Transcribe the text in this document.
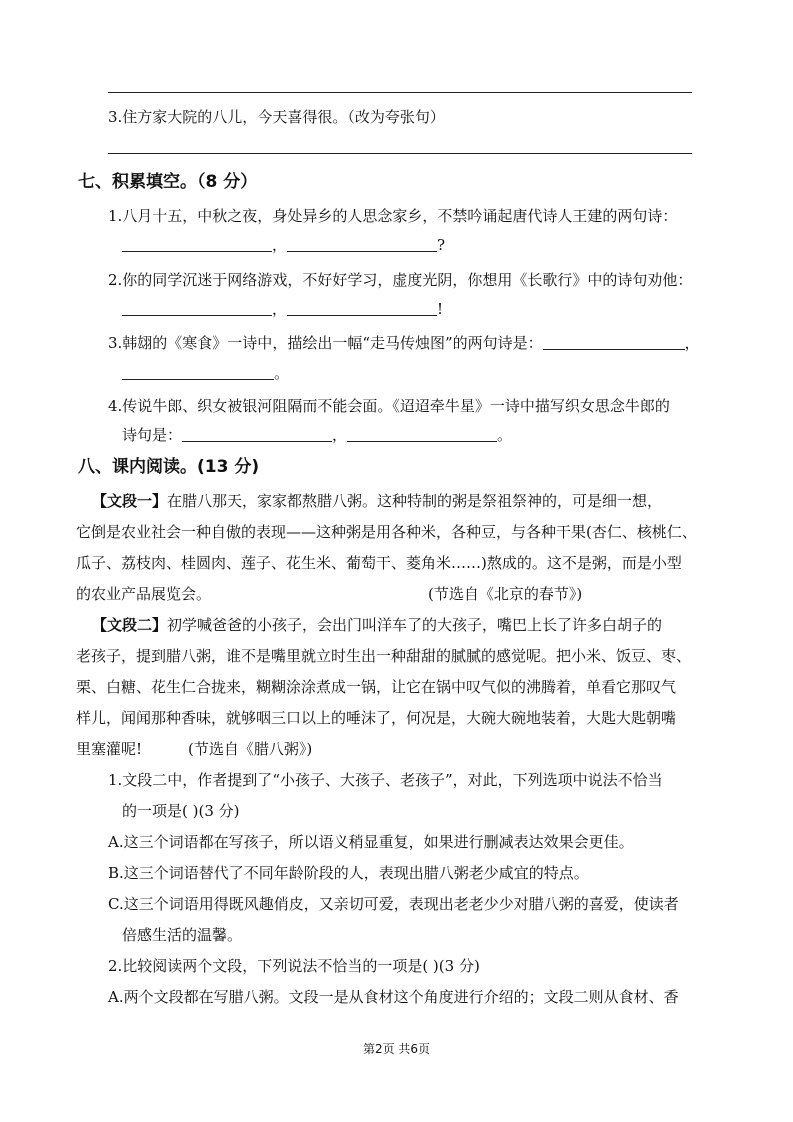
3.住方家大院的八儿，今天喜得很。（改为夸张句）
七、积累填空。（8 分）
1.八月十五，中秋之夜，身处异乡的人思念家乡，不禁吟诵起唐代诗人王建的两句诗：
，	?
2.你的同学沉迷于网络游戏，不好好学习，虚度光阴，你想用《长歌行》中的诗句劝他：
，	!
3.韩翃的《寒食》一诗中，描绘出一幅“走马传烛图”的两句诗是：	，
。
4.传说牛郎、织女被银河阻隔而不能会面。《迢迢牵牛星》一诗中描写织女思念牛郎的
诗句是：	，	。
八、课内阅读。(13 分)
【文段一】在腊八那天，家家都熬腊八粥。这种特制的粥是祭祖祭神的，可是细一想，
它倒是农业社会一种自傲的表现——这种粥是用各种米，各种豆，与各种干果(杏仁、核桃仁、
瓜子、荔枝肉、桂圆肉、莲子、花生米、葡萄干、菱角米……)熬成的。这不是粥，而是小型
的农业产品展览会。	(节选自《北京的春节》)
【文段二】初学喊爸爸的小孩子，会出门叫洋车了的大孩子，嘴巴上长了许多白胡子的
老孩子，提到腊八粥，谁不是嘴里就立时生出一种甜甜的腻腻的感觉呢。把小米、饭豆、枣、
栗、白糖、花生仁合拢来，糊糊涂涂煮成一锅，让它在锅中叹气似的沸腾着，单看它那叹气
样儿，闻闻那种香味，就够咽三口以上的唾沫了，何况是，大碗大碗地装着，大匙大匙朝嘴
里塞灌呢!	(节选自《腊八粥》)
1.文段二中，作者提到了“小孩子、大孩子、老孩子”，对此，下列选项中说法不恰当
的一项是( )(3 分)
A.这三个词语都在写孩子，所以语义稍显重复，如果进行删减表达效果会更佳。
B.这三个词语替代了不同年龄阶段的人，表现出腊八粥老少咸宜的特点。
C.这三个词语用得既风趣俏皮，又亲切可爱，表现出老老少少对腊八粥的喜爱，使读者
倍感生活的温馨。
2.比较阅读两个文段，下列说法不恰当的一项是( )(3 分)
A.两个文段都在写腊八粥。文段一是从食材这个角度进行介绍的；文段二则从食材、香
第2页 共6页
